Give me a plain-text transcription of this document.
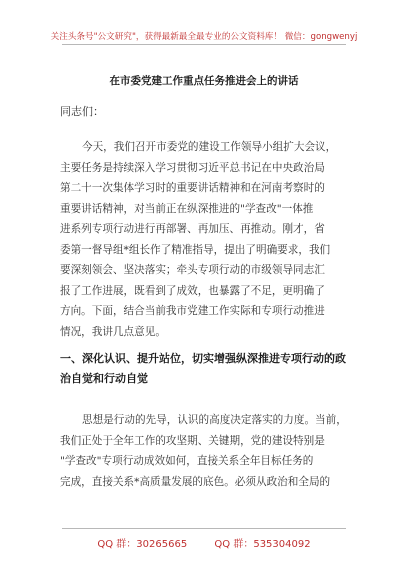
关注头条号"公文研究"，获得最新最全最专业的公文资料库！ 微信：gongwenyj
在市委党建工作重点任务推进会上的讲话
同志们：
今天，我们召开市委党的建设工作领导小组扩大会议，
主要任务是持续深入学习贯彻习近平总书记在中央政治局
第二十一次集体学习时的重要讲话精神和在河南考察时的
重要讲话精神，对当前正在纵深推进的"学查改"一体推
进系列专项行动进行再部署、再加压、再推动。刚才，省
委第一督导组*组长作了精准指导，提出了明确要求，我们
要深刻领会、坚决落实；牵头专项行动的市级领导同志汇
报了工作进展，既看到了成效，也暴露了不足，更明确了
方向。下面，结合当前我市党建工作实际和专项行动推进
情况，我讲几点意见。
一、深化认识、提升站位，切实增强纵深推进专项行动的政治自觉和行动自觉
思想是行动的先导，认识的高度决定落实的力度。当前，
我们正处于全年工作的攻坚期、关键期，党的建设特别是
"学查改"专项行动成效如何，直接关系全年目标任务的
完成，直接关系*高质量发展的底色。必须从政治和全局的
QQ 群：30265665	QQ 群：535304092
